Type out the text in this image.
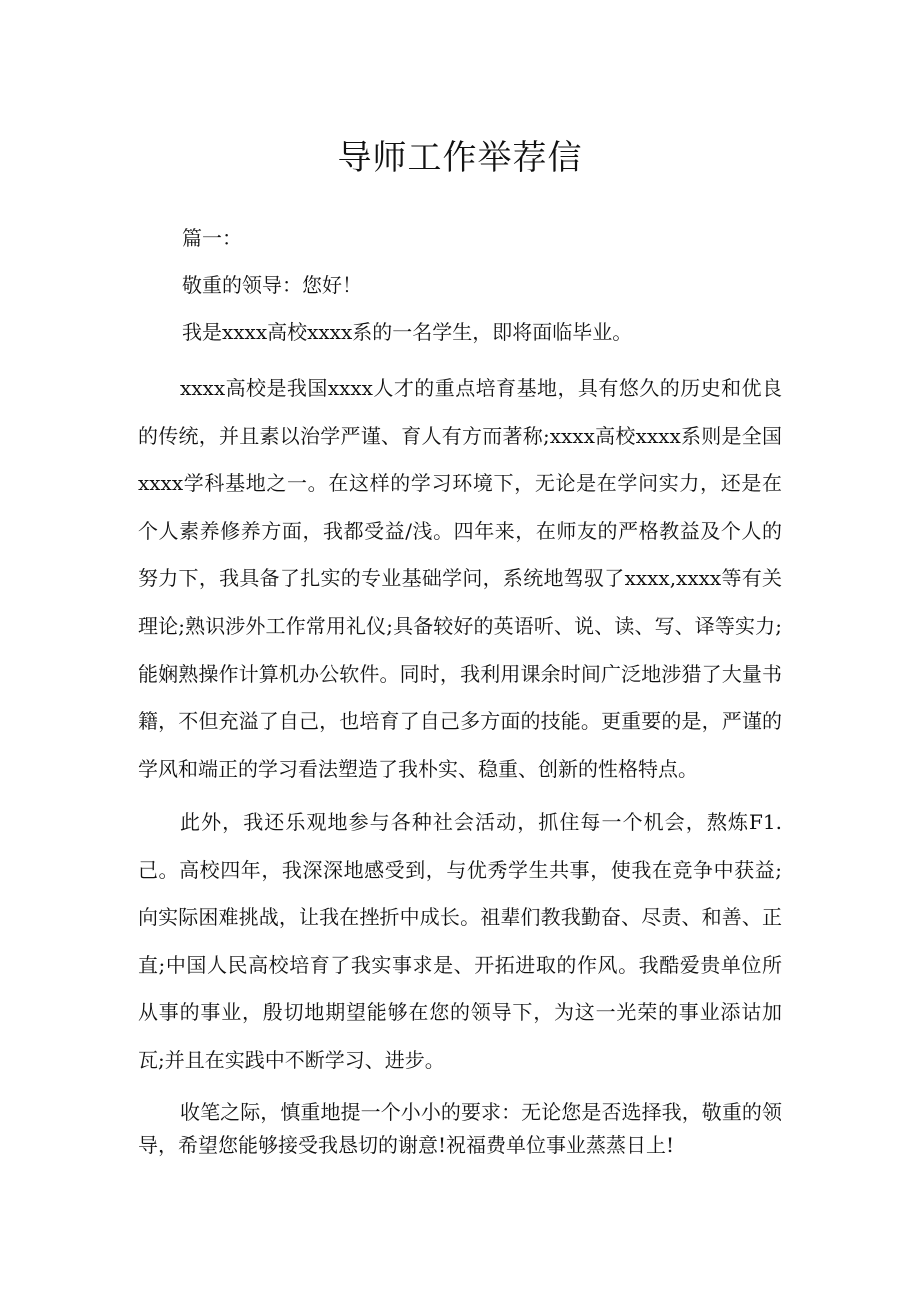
导师工作举荐信

篇一：

敬重的领导：您好！

我是xxxx高校xxxx系的一名学生，即将面临毕业。

xxxx高校是我国xxxx人才的重点培育基地，具有悠久的历史和优良的传统，并且素以治学严谨、育人有方而著称;xxxx高校xxxx系则是全国xxxx学科基地之一。在这样的学习环境下，无论是在学问实力，还是在个人素养修养方面，我都受益/浅。四年来，在师友的严格教益及个人的努力下，我具备了扎实的专业基础学问，系统地驾驭了xxxx,xxxx等有关理论;熟识涉外工作常用礼仪;具备较好的英语听、说、读、写、译等实力;能娴熟操作计算机办公软件。同时，我利用课余时间广泛地涉猎了大量书籍，不但充溢了自己，也培育了自己多方面的技能。更重要的是，严谨的学风和端正的学习看法塑造了我朴实、稳重、创新的性格特点。

此外，我还乐观地参与各种社会活动，抓住每一个机会，熬炼F1.己。高校四年，我深深地感受到，与优秀学生共事，使我在竞争中获益;向实际困难挑战，让我在挫折中成长。祖辈们教我勤奋、尽责、和善、正直;中国人民高校培育了我实事求是、开拓进取的作风。我酷爱贵单位所从事的事业，殷切地期望能够在您的领导下，为这一光荣的事业添诂加瓦;并且在实践中不断学习、进步。

收笔之际，慎重地提一个小小的要求：无论您是否选择我，敬重的领导，希望您能够接受我恳切的谢意!祝福费单位事业蒸蒸日上!
